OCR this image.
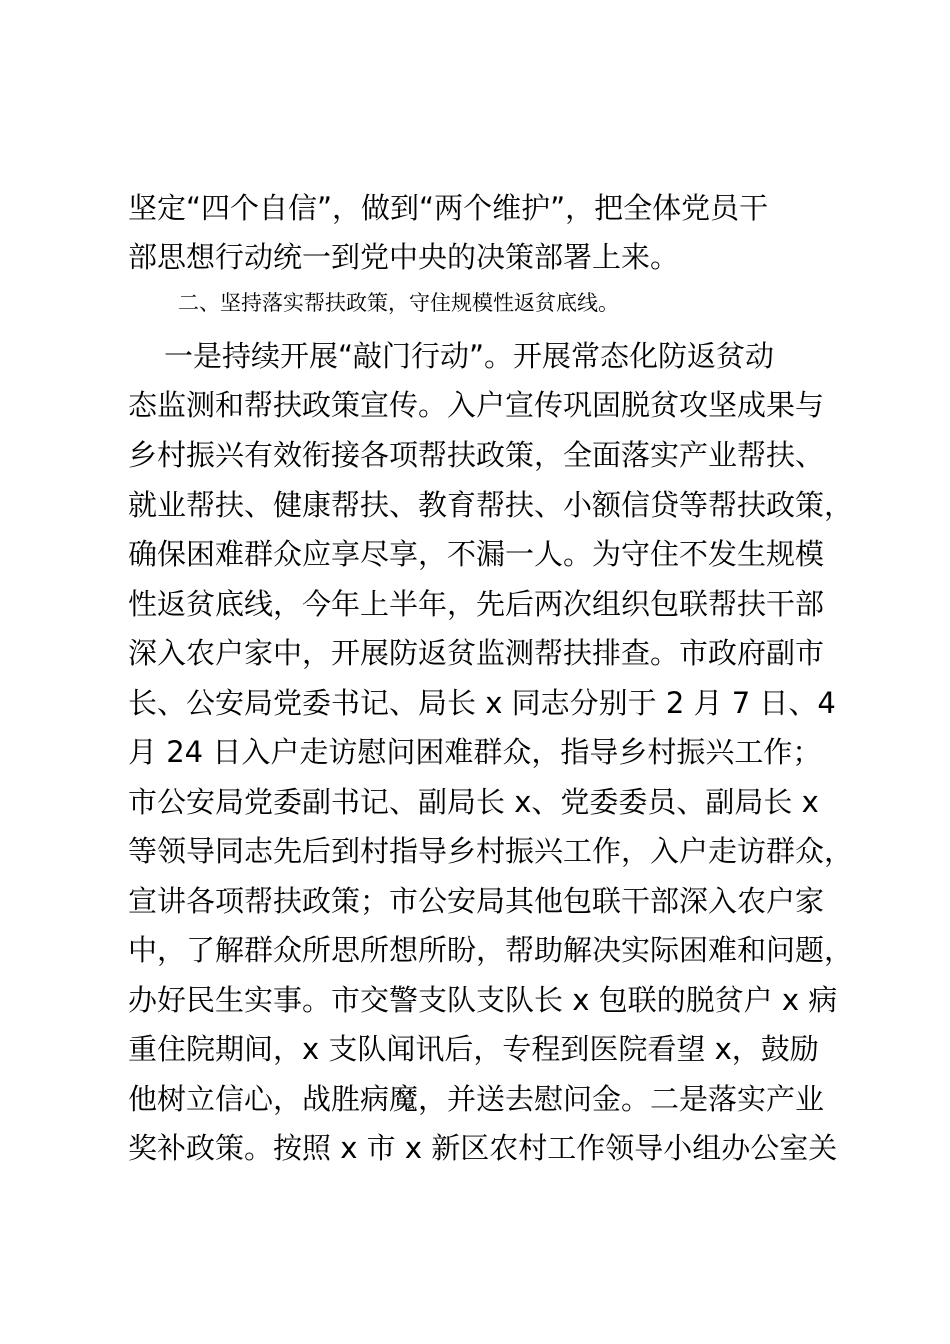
坚定“四个自信”，做到“两个维护”，把全体党员干
部思想行动统一到党中央的决策部署上来。
二、坚持落实帮扶政策，守住规模性返贫底线。
一是持续开展“敲门行动”。开展常态化防返贫动
态监测和帮扶政策宣传。入户宣传巩固脱贫攻坚成果与
乡村振兴有效衔接各项帮扶政策，全面落实产业帮扶、
就业帮扶、健康帮扶、教育帮扶、小额信贷等帮扶政策，
确保困难群众应享尽享，不漏一人。为守住不发生规模
性返贫底线，今年上半年，先后两次组织包联帮扶干部
深入农户家中，开展防返贫监测帮扶排查。市政府副市
长、公安局党委书记、局长 x 同志分别于 2 月 7 日、4
月 24 日入户走访慰问困难群众，指导乡村振兴工作；
市公安局党委副书记、副局长 x、党委委员、副局长 x
等领导同志先后到村指导乡村振兴工作，入户走访群众，
宣讲各项帮扶政策；市公安局其他包联干部深入农户家
中，了解群众所思所想所盼，帮助解决实际困难和问题，
办好民生实事。市交警支队支队长 x 包联的脱贫户 x 病
重住院期间，x 支队闻讯后，专程到医院看望 x，鼓励
他树立信心，战胜病魔，并送去慰问金。二是落实产业
奖补政策。按照 x 市 x 新区农村工作领导小组办公室关
